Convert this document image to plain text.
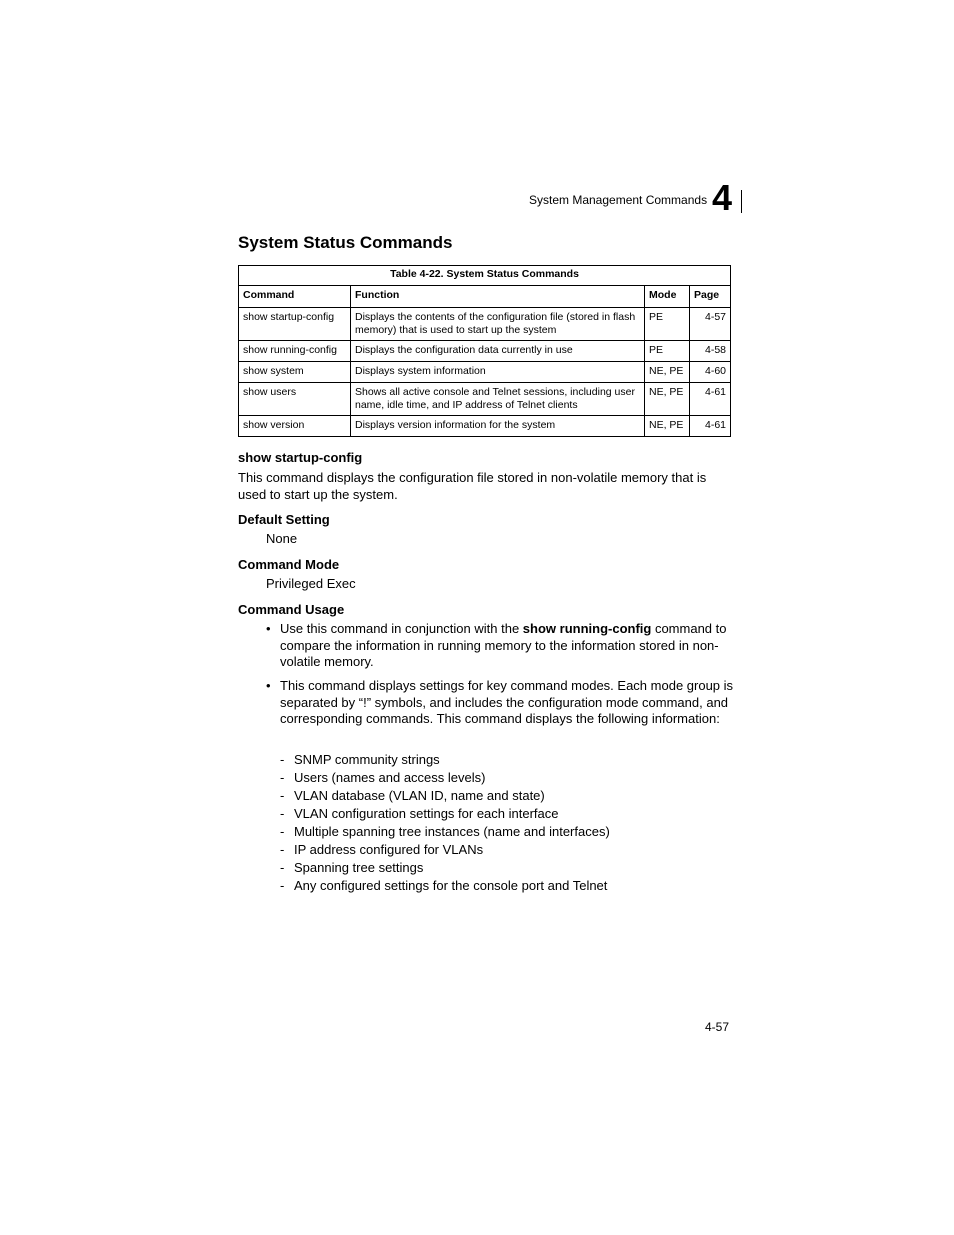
System Management Commands 4
System Status Commands
Table 4-22. System Status Commands			
Command	Function	Mode	Page
show startup-config	Displays the contents of the configuration file (stored in flash memory) that is used to start up the system	PE	4-57
show running-config	Displays the configuration data currently in use	PE	4-58
show system	Displays system information	NE, PE	4-60
show users	Shows all active console and Telnet sessions, including user name, idle time, and IP address of Telnet clients	NE, PE	4-61
show version	Displays version information for the system	NE, PE	4-61
show startup-config
This command displays the configuration file stored in non-volatile memory that is used to start up the system.
Default Setting
None
Command Mode
Privileged Exec
Command Usage
• Use this command in conjunction with the show running-config command to compare the information in running memory to the information stored in non-volatile memory.
• This command displays settings for key command modes. Each mode group is separated by “!” symbols, and includes the configuration mode command, and corresponding commands. This command displays the following information:
- SNMP community strings
- Users (names and access levels)
- VLAN database (VLAN ID, name and state)
- VLAN configuration settings for each interface
- Multiple spanning tree instances (name and interfaces)
- IP address configured for VLANs
- Spanning tree settings
- Any configured settings for the console port and Telnet
4-57
